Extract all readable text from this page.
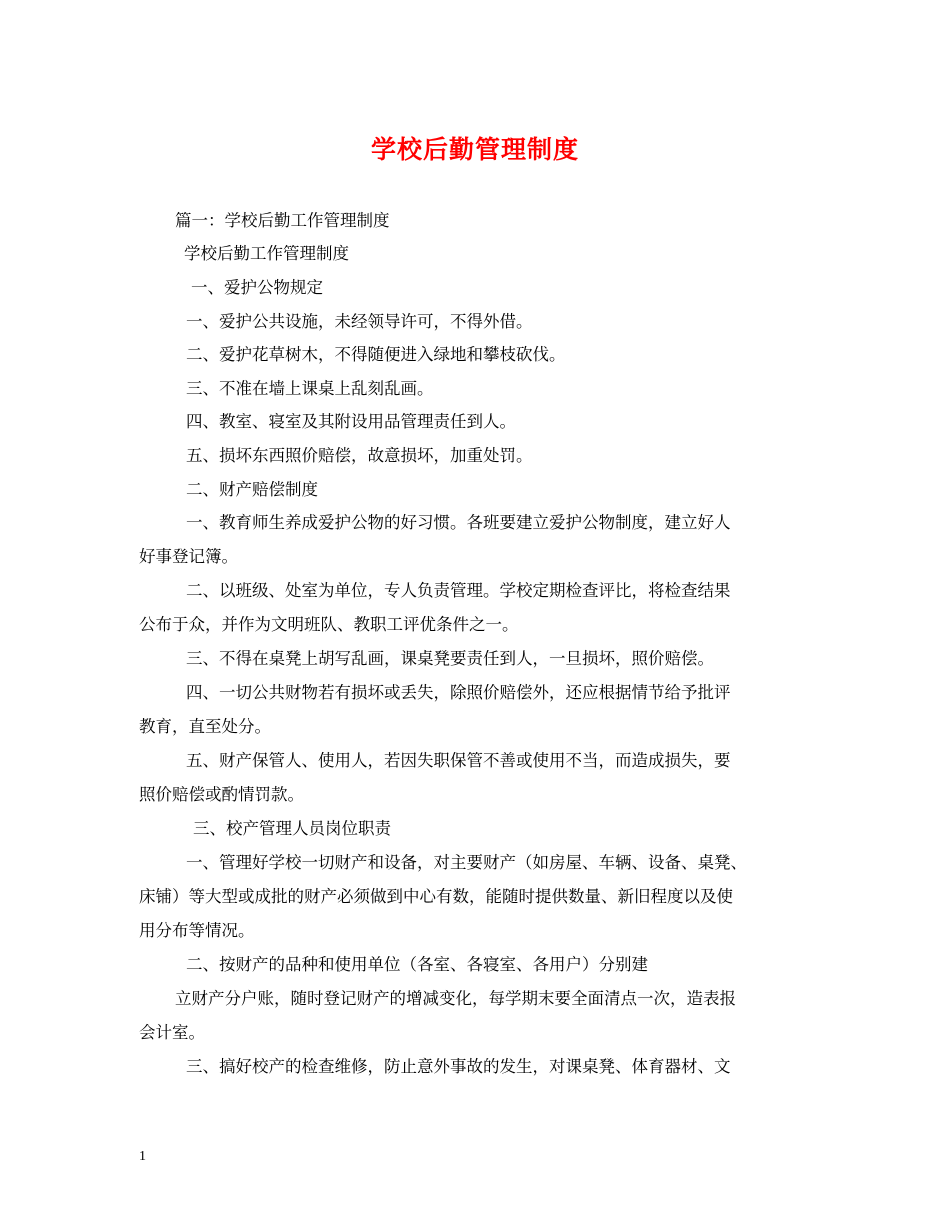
学校后勤管理制度
篇一：学校后勤工作管理制度
学校后勤工作管理制度
一、爱护公物规定
一、爱护公共设施，未经领导许可，不得外借。
二、爱护花草树木，不得随便进入绿地和攀枝砍伐。
三、不准在墙上课桌上乱刻乱画。
四、教室、寝室及其附设用品管理责任到人。
五、损坏东西照价赔偿，故意损坏，加重处罚。
二、财产赔偿制度
一、教育师生养成爱护公物的好习惯。各班要建立爱护公物制度，建立好人
好事登记簿。
二、以班级、处室为单位，专人负责管理。学校定期检查评比，将检查结果
公布于众，并作为文明班队、教职工评优条件之一。
三、不得在桌凳上胡写乱画，课桌凳要责任到人，一旦损坏，照价赔偿。
四、一切公共财物若有损坏或丢失，除照价赔偿外，还应根据情节给予批评
教育，直至处分。
五、财产保管人、使用人，若因失职保管不善或使用不当，而造成损失，要
照价赔偿或酌情罚款。
三、校产管理人员岗位职责
一、管理好学校一切财产和设备，对主要财产（如房屋、车辆、设备、桌凳、
床铺）等大型或成批的财产必须做到中心有数，能随时提供数量、新旧程度以及使
用分布等情况。
二、按财产的品种和使用单位（各室、各寝室、各用户）分别建
立财产分户账，随时登记财产的增减变化，每学期末要全面清点一次，造表报
会计室。
三、搞好校产的检查维修，防止意外事故的发生，对课桌凳、体育器材、文
1
